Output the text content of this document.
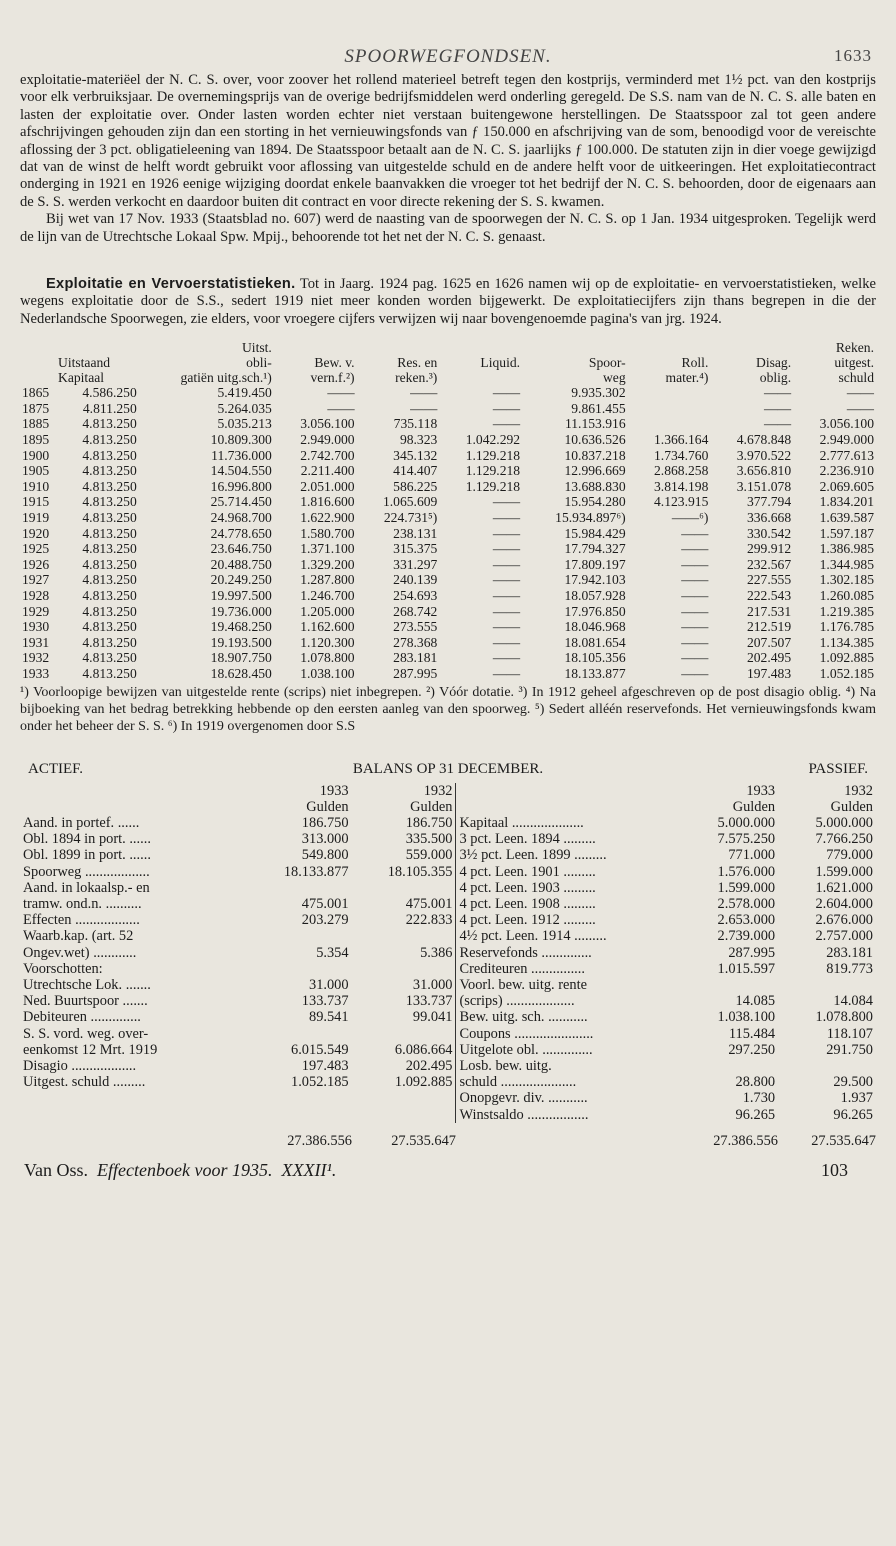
SPOORWEGFONDSEN.	1633

exploitatie-materiëel der N. C. S. over, voor zoover het rollend materieel betreft tegen den kostprijs, verminderd met 1½ pct. van den kostprijs voor elk verbruiksjaar. De overnemingsprijs van de overige bedrijfsmiddelen werd onderling geregeld. De S.S. nam van de N. C. S. alle baten en lasten der exploitatie over. Onder lasten worden echter niet verstaan buitengewone herstellingen. De Staatsspoor zal tot geen andere afschrijvingen gehouden zijn dan een storting in het vernieuwingsfonds van ƒ 150.000 en afschrijving van de som, benoodigd voor de vereischte aflossing der 3 pct. obligatieleening van 1894. De Staatsspoor betaalt aan de N. C. S. jaarlijks ƒ 100.000. De statuten zijn in dier voege gewijzigd dat van de winst de helft wordt gebruikt voor aflossing van uitgestelde schuld en de andere helft voor de uitkeeringen. Het exploitatiecontract onderging in 1921 en 1926 eenige wijziging doordat enkele baanvakken die vroeger tot het bedrijf der N. C. S. behoorden, door de eigenaars aan de S. S. werden verkocht en daardoor buiten dit contract en voor directe rekening der S. S. kwamen.

Bij wet van 17 Nov. 1933 (Staatsblad no. 607) werd de naasting van de spoorwegen der N. C. S. op 1 Jan. 1934 uitgesproken. Tegelijk werd de lijn van de Utrechtsche Lokaal Spw. Mpij., behoorende tot het net der N. C. S. genaast.

Exploitatie en Vervoerstatistieken. Tot in Jaarg. 1924 pag. 1625 en 1626 namen wij op de exploitatie- en vervoerstatistieken, welke wegens exploitatie door de S.S., sedert 1919 niet meer konden worden bijgewerkt. De exploitatiecijfers zijn thans begrepen in die der Nederlandsche Spoorwegen, zie elders, voor vroegere cijfers verwijzen wij naar bovengenoemde pagina's van jrg. 1924.

		Uitst.							Reken.
	Uitstaand	obli-	Bew. v.	Res. en	Liquid.	Spoor-	Roll.	Disag.	uitgest.
	Kapitaal	gatiën uitg.sch.¹)	vern.f.²)	reken.³)		weg	mater.⁴)	oblig.	schuld
1865	4.586.250	5.419.450	——	——	——	9.935.302		——	——
1875	4.811.250	5.264.035	——	——	——	9.861.455		——	——
1885	4.813.250	5.035.213	3.056.100	735.118	——	11.153.916		——	3.056.100
1895	4.813.250	10.809.300	2.949.000	98.323	1.042.292	10.636.526	1.366.164	4.678.848	2.949.000
1900	4.813.250	11.736.000	2.742.700	345.132	1.129.218	10.837.218	1.734.760	3.970.522	2.777.613
1905	4.813.250	14.504.550	2.211.400	414.407	1.129.218	12.996.669	2.868.258	3.656.810	2.236.910
1910	4.813.250	16.996.800	2.051.000	586.225	1.129.218	13.688.830	3.814.198	3.151.078	2.069.605
1915	4.813.250	25.714.450	1.816.600	1.065.609	——	15.954.280	4.123.915	377.794	1.834.201
1919	4.813.250	24.968.700	1.622.900	224.731⁵)	——	15.934.897⁶)	——⁶)	336.668	1.639.587
1920	4.813.250	24.778.650	1.580.700	238.131	——	15.984.429	——	330.542	1.597.187
1925	4.813.250	23.646.750	1.371.100	315.375	——	17.794.327	——	299.912	1.386.985
1926	4.813.250	20.488.750	1.329.200	331.297	——	17.809.197	——	232.567	1.344.985
1927	4.813.250	20.249.250	1.287.800	240.139	——	17.942.103	——	227.555	1.302.185
1928	4.813.250	19.997.500	1.246.700	254.693	——	18.057.928	——	222.543	1.260.085
1929	4.813.250	19.736.000	1.205.000	268.742	——	17.976.850	——	217.531	1.219.385
1930	4.813.250	19.468.250	1.162.600	273.555	——	18.046.968	——	212.519	1.176.785
1931	4.813.250	19.193.500	1.120.300	278.368	——	18.081.654	——	207.507	1.134.385
1932	4.813.250	18.907.750	1.078.800	283.181	——	18.105.356	——	202.495	1.092.885
1933	4.813.250	18.628.450	1.038.100	287.995	——	18.133.877	——	197.483	1.052.185

¹) Voorloopige bewijzen van uitgestelde rente (scrips) niet inbegrepen. ²) Vóór dotatie. ³) In 1912 geheel afgeschreven op de post disagio oblig. ⁴) Na bijboeking van het bedrag betrekking hebbende op den eersten aanleg van den spoorweg. ⁵) Sedert alléén reservefonds. Het vernieuwingsfonds kwam onder het beheer der S. S. ⁶) In 1919 overgenomen door S.S

ACTIEF.	BALANS OP 31 DECEMBER.	PASSIEF.
	1933	1932
	Gulden	Gulden
Aand. in portef. ......	186.750	186.750
Obl. 1894 in port. ......	313.000	335.500
Obl. 1899 in port. ......	549.800	559.000
Spoorweg ..................	18.133.877	18.105.355
Aand. in lokaalsp.- en		
tramw. ond.n. ..........	475.001	475.001
Effecten ..................	203.279	222.833
Waarb.kap. (art. 52		
Ongev.wet) ............	5.354	5.386
Voorschotten:		
Utrechtsche Lok. .......	31.000	31.000
Ned. Buurtspoor .......	133.737	133.737
Debiteuren ..............	89.541	99.041
S. S. vord. weg. over-		
eenkomst 12 Mrt. 1919	6.015.549	6.086.664
Disagio ..................	197.483	202.495
Uitgest. schuld .........	1.052.185	1.092.885
	1933	1932
	Gulden	Gulden
Kapitaal ....................	5.000.000	5.000.000
3 pct. Leen. 1894 .........	7.575.250	7.766.250
3½ pct. Leen. 1899 .........	771.000	779.000
4 pct. Leen. 1901 .........	1.576.000	1.599.000
4 pct. Leen. 1903 .........	1.599.000	1.621.000
4 pct. Leen. 1908 .........	2.578.000	2.604.000
4 pct. Leen. 1912 .........	2.653.000	2.676.000
4½ pct. Leen. 1914 .........	2.739.000	2.757.000
Reservefonds ..............	287.995	283.181
Crediteuren ...............	1.015.597	819.773
Voorl. bew. uitg. rente		
(scrips) ...................	14.085	14.084
Bew. uitg. sch. ...........	1.038.100	1.078.800
Coupons ......................	115.484	118.107
Uitgelote obl. ..............	297.250	291.750
Losb. bew. uitg.		
schuld .....................	28.800	29.500
Onopgevr. div. ...........	1.730	1.937
Winstsaldo .................	96.265	96.265
27.386.556	27.535.647	27.386.556 27.535.647
Van Oss. Effectenboek voor 1935. XXXII¹.	103
